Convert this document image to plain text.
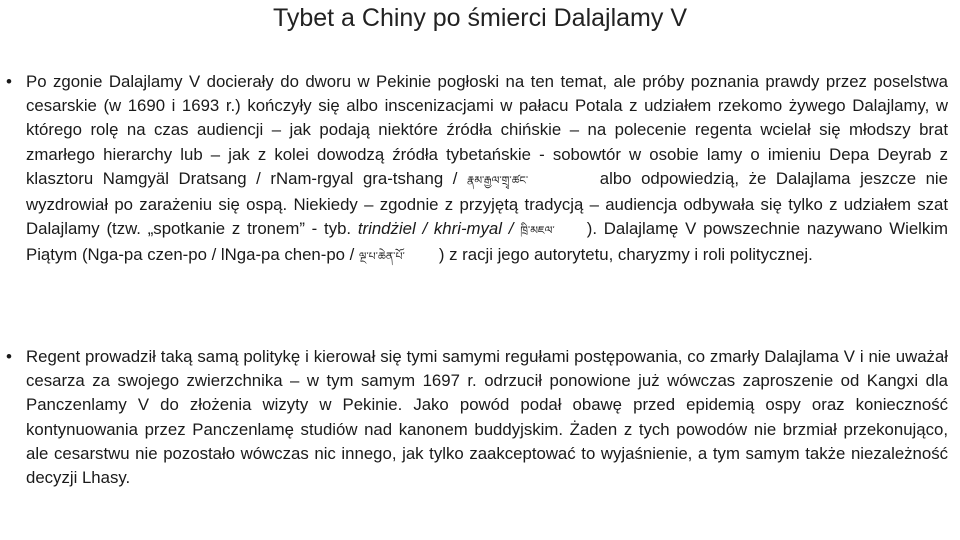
Tybet a Chiny po śmierci Dalajlamy V
• Po zgonie Dalajlamy V docierały do dworu w Pekinie pogłoski na ten temat, ale próby poznania prawdy przez poselstwa cesarskie (w 1690 i 1693 r.) kończyły się albo inscenizacjami w pałacu Potala z udziałem rzekomo żywego Dalajlamy, w którego rolę na czas audiencji – jak podają niektóre źródła chińskie – na polecenie regenta wcielał się młodszy brat zmarłego hierarchy lub – jak z kolei dowodzą źródła tybetańskie - sobowtór w osobie lamy o imieniu Depa Deyrab z klasztoru Namgyäl Dratsang / rNam-rgyal gra-tshang / རྣམ་རྒྱལ་གྲྭ་ཚང་	albo odpowiedzią, że Dalajlama jeszcze nie wyzdrowiał po zarażeniu się ospą. Niekiedy – zgodnie z przyjętą tradycją – audiencja odbywała się tylko z udziałem szat Dalajlamy (tzw. „spotkanie z tronem” - tyb. trindżiel / khri-myal / ཁྲི་མཇལ་ ). Dalajlamę V powszechnie nazywano Wielkim Piątym (Nga-pa czen-po / lNga-pa chen-po / ལྔ་པ་ཆེན་པོ་ ) z racji jego autorytetu, charyzmy i roli politycznej.

• Regent prowadził taką samą politykę i kierował się tymi samymi regułami postępowania, co zmarły Dalajlama V i nie uważał cesarza za swojego zwierzchnika – w tym samym 1697 r. odrzucił ponowione już wówczas zaproszenie od Kangxi dla Panczenlamy V do złożenia wizyty w Pekinie. Jako powód podał obawę przed epidemią ospy oraz konieczność kontynuowania przez Panczenlamę studiów nad kanonem buddyjskim. Żaden z tych powodów nie brzmiał przekonująco, ale cesarstwu nie pozostało wówczas nic innego, jak tylko zaakceptować to wyjaśnienie, a tym samym także niezależność decyzji Lhasy.
